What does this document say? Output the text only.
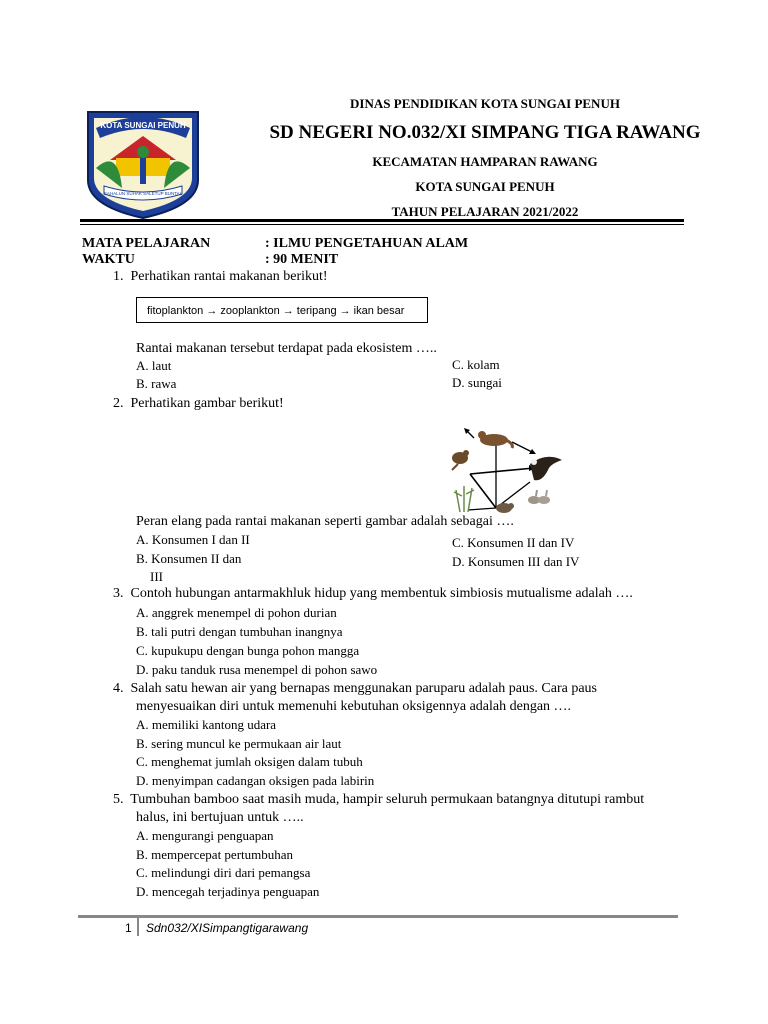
KOTA SUNGAI PENUH
SAHALUN SUHAK SALETUP BUNTAL
DINAS PENDIDIKAN KOTA SUNGAI PENUH
SD NEGERI NO.032/XI SIMPANG TIGA RAWANG
KECAMATAN HAMPARAN RAWANG
KOTA SUNGAI PENUH
TAHUN PELAJARAN 2021/2022
MATA PELAJARAN	: ILMU PENGETAHUAN ALAM
WAKTU	: 90 MENIT
1. Perhatikan rantai makanan berikut!
fitoplankton → zooplankton → teripang → ikan besar
Rantai makanan tersebut terdapat pada ekosistem …..
A. laut
B. rawa
C. kolam
D. sungai
2. Perhatikan gambar berikut!
Peran elang pada rantai makanan seperti gambar adalah sebagai ….
A. Konsumen I dan II
B. Konsumen II dan
III
C. Konsumen II dan IV
D. Konsumen III dan IV
3. Contoh hubungan antarmakhluk hidup yang membentuk simbiosis mutualisme adalah ….
A. anggrek menempel di pohon durian
B. tali putri dengan tumbuhan inangnya
C. kupukupu dengan bunga pohon mangga
D. paku tanduk rusa menempel di pohon sawo
4. Salah satu hewan air yang bernapas menggunakan paruparu adalah paus. Cara paus
menyesuaikan diri untuk memenuhi kebutuhan oksigennya adalah dengan ….
A. memiliki kantong udara
B. sering muncul ke permukaan air laut
C. menghemat jumlah oksigen dalam tubuh
D. menyimpan cadangan oksigen pada labirin
5. Tumbuhan bamboo saat masih muda, hampir seluruh permukaan batangnya ditutupi rambut
halus, ini bertujuan untuk …..
A. mengurangi penguapan
B. mempercepat pertumbuhan
C. melindungi diri dari pemangsa
D. mencegah terjadinya penguapan
1 Sdn032/XISimpangtigarawang
